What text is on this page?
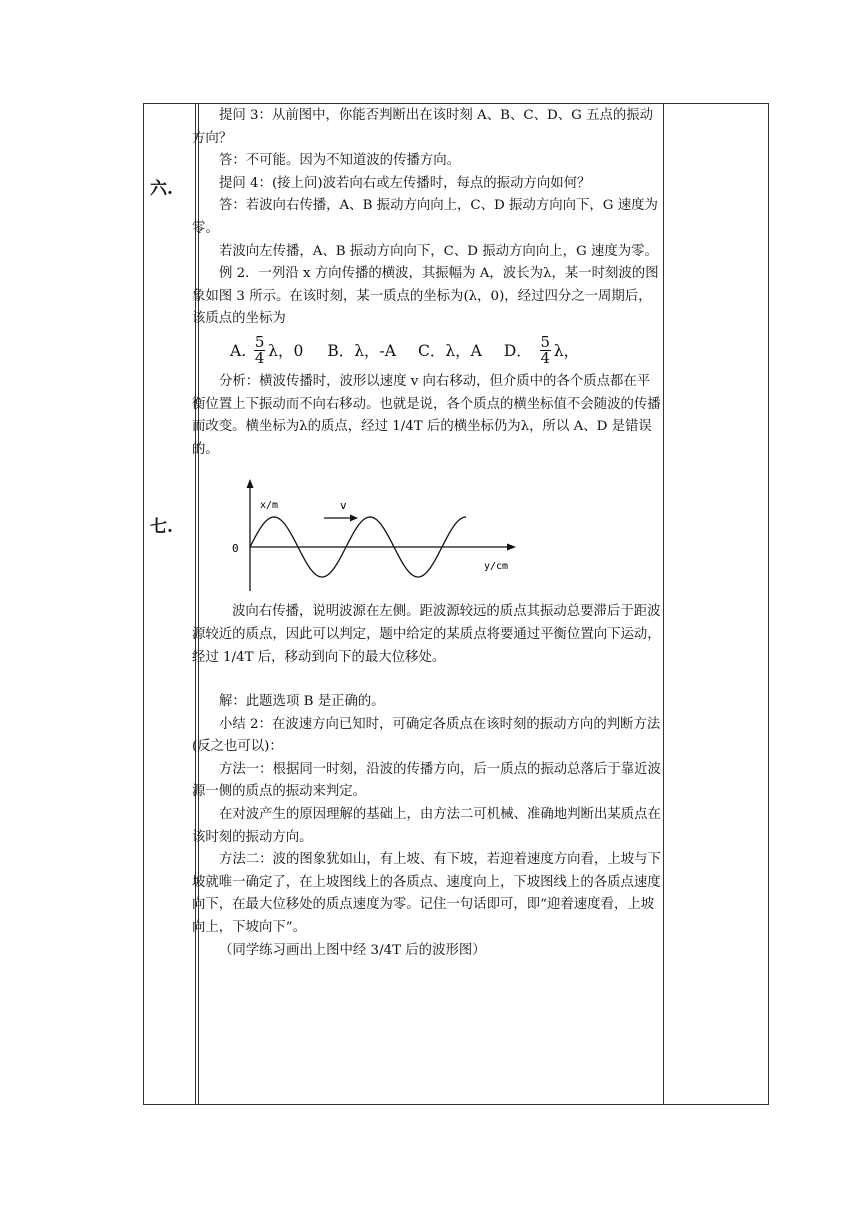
六.
七.

提问 3：从前图中，你能否判断出在该时刻 A、B、C、D、G 五点的振动方向？

答：不可能。因为不知道波的传播方向。

提问 4：(接上问)波若向右或左传播时，每点的振动方向如何？

答：若波向右传播，A、B 振动方向向上，C、D 振动方向向下，G 速度为零。

若波向左传播，A、B 振动方向向下，C、D 振动方向向上，G 速度为零。

例 2．一列沿 x 方向传播的横波，其振幅为 A，波长为λ，某一时刻波的图象如图 3 所示。在该时刻，某一质点的坐标为(λ，0)，经过四分之一周期后，该质点的坐标为

A. $\frac{5}{4}$ λ，0 B．λ，-A C．λ，A D． $\frac{5}{4}$ λ，

分析：横波传播时，波形以速度 v 向右移动，但介质中的各个质点都在平衡位置上下振动而不向右移动。也就是说，各个质点的横坐标值不会随波的传播而改变。横坐标为λ的质点，经过 1/4T 后的横坐标仍为λ，所以 A、D 是错误的。

x/m
y/cm
0
v

波向右传播，说明波源在左侧。距波源较远的质点其振动总要滞后于距波源较近的质点，因此可以判定，题中给定的某质点将要通过平衡位置向下运动，经过 1/4T 后，移动到向下的最大位移处。

解：此题选项 B 是正确的。

小结 2：在波速方向已知时，可确定各质点在该时刻的振动方向的判断方法(反之也可以)：

方法一：根据同一时刻，沿波的传播方向，后一质点的振动总落后于靠近波源一侧的质点的振动来判定。

在对波产生的原因理解的基础上，由方法二可机械、准确地判断出某质点在该时刻的振动方向。

方法二：波的图象犹如山，有上坡、有下坡，若迎着速度方向看，上坡与下坡就唯一确定了，在上坡图线上的各质点、速度向上，下坡图线上的各质点速度向下，在最大位移处的质点速度为零。记住一句话即可，即“迎着速度看，上坡向上，下坡向下”。

（同学练习画出上图中经 3/4T 后的波形图）
